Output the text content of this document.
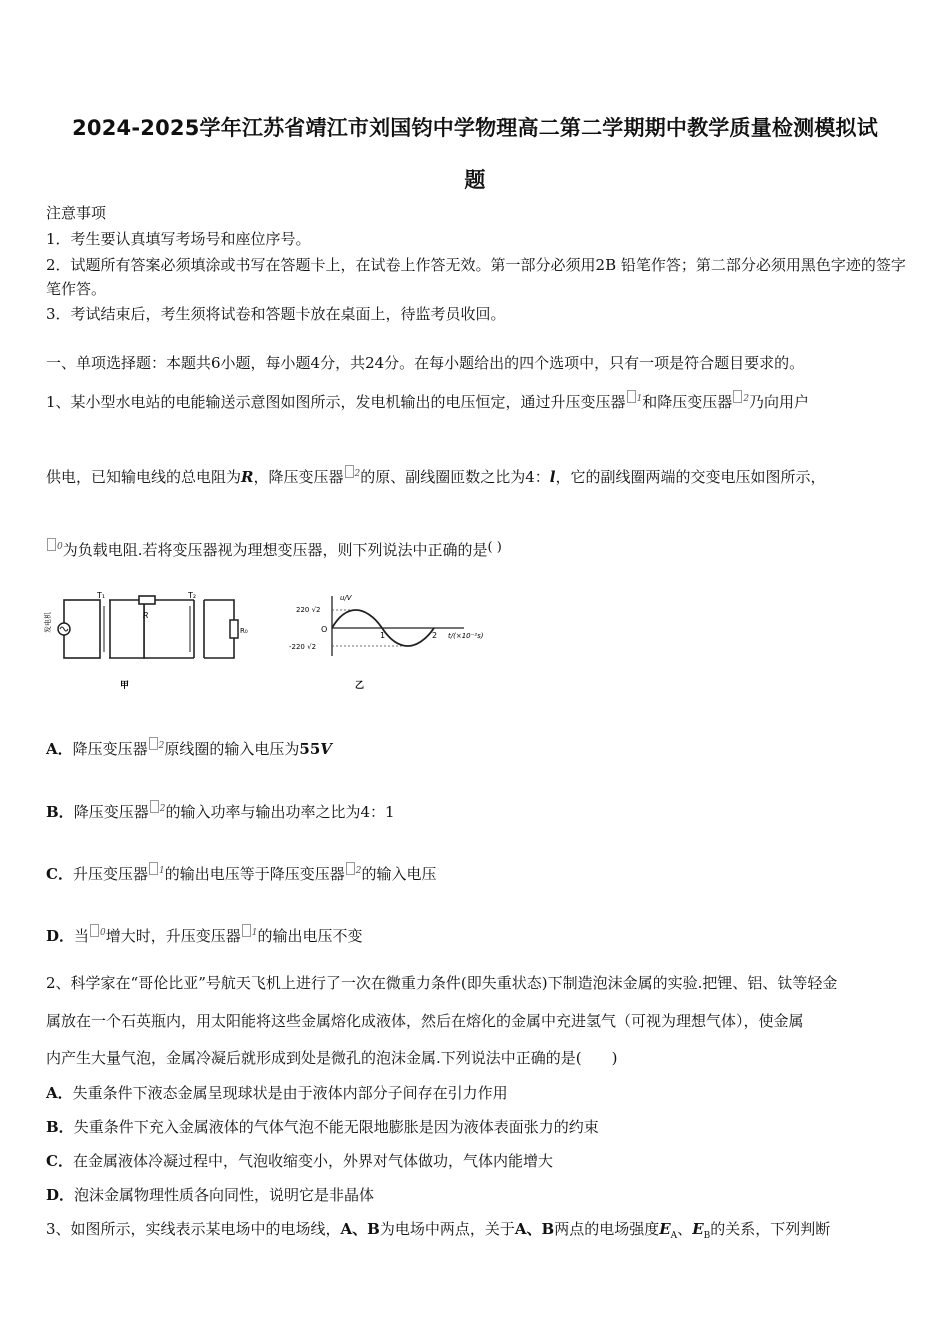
2024-2025学年江苏省靖江市刘国钧中学物理高二第二学期期中教学质量检测模拟试
题
注意事项
1．考生要认真填写考场号和座位序号。
2．试题所有答案必须填涂或书写在答题卡上，在试卷上作答无效。第一部分必须用2B 铅笔作答；第二部分必须用黑色字迹的签字笔作答。
3．考试结束后，考生须将试卷和答题卡放在桌面上，待监考员收回。
一、单项选择题：本题共6小题，每小题4分，共24分。在每小题给出的四个选项中，只有一项是符合题目要求的。
1、某小型水电站的电能输送示意图如图所示，发电机输出的电压恒定，通过升压变压器 $^1$和降压变压器 $^2$乃向用户
供电，已知输电线的总电阻为R，降压变压器 $^2$的原、副线圈匝数之比为4：l，它的副线圈两端的交变电压如图所示，
$^0$为负载电阻.若将变压器视为理想变压器，则下列说法中正确的是( )
发电机
T₁	T₂
R
R₀
甲
u/V
220 √2
-220 √2
O
1	2 t/(×10⁻²s)
乙
A．降压变压器 $^2$原线圈的输入电压为55V
B．降压变压器 $^2$的输入功率与输出功率之比为4：1
C．升压变压器 $^1$的输出电压等于降压变压器 $^2$的输入电压
D．当 $^0$增大时，升压变压器 $^1$的输出电压不变
2、科学家在“哥伦比亚”号航天飞机上进行了一次在微重力条件(即失重状态)下制造泡沫金属的实验.把锂、铝、钛等轻金
属放在一个石英瓶内，用太阳能将这些金属熔化成液体，然后在熔化的金属中充进氢气（可视为理想气体），使金属
内产生大量气泡，金属冷凝后就形成到处是微孔的泡沫金属.下列说法中正确的是(　　)
A．失重条件下液态金属呈现球状是由于液体内部分子间存在引力作用
B．失重条件下充入金属液体的气体气泡不能无限地膨胀是因为液体表面张力的约束
C．在金属液体冷凝过程中，气泡收缩变小，外界对气体做功，气体内能增大
D．泡沫金属物理性质各向同性，说明它是非晶体
3、如图所示，实线表示某电场中的电场线，A、B为电场中两点，关于A、B两点的电场强度$E_A$、$E_B$的关系，下列判断
